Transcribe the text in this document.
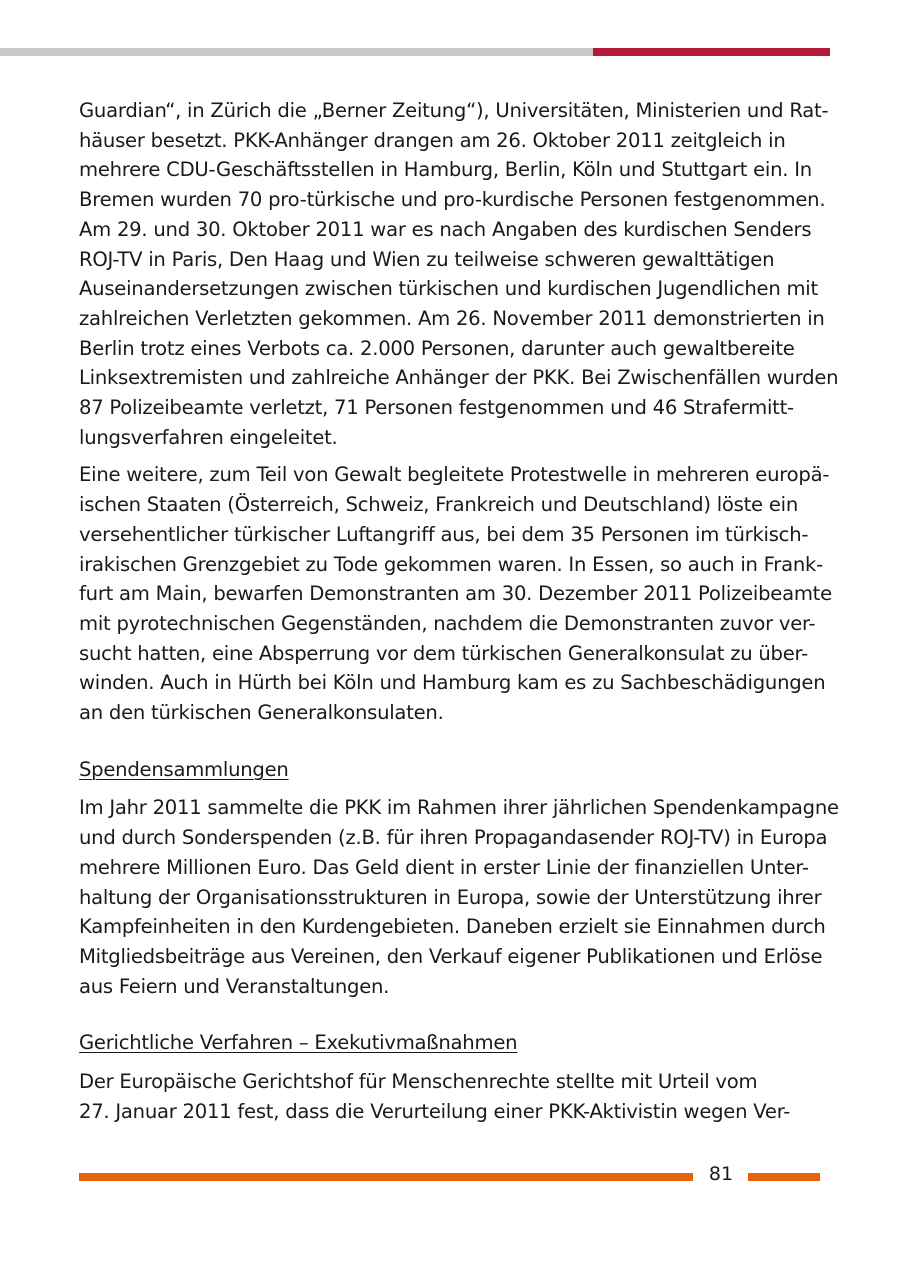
Guardian“, in Zürich die „Berner Zeitung“), Universitäten, Ministerien und Rat-
häuser besetzt. PKK-Anhänger drangen am 26. Oktober 2011 zeitgleich in
mehrere CDU-Geschäftsstellen in Hamburg, Berlin, Köln und Stuttgart ein. In
Bremen wurden 70 pro-türkische und pro-kurdische Personen festgenommen.
Am 29. und 30. Oktober 2011 war es nach Angaben des kurdischen Senders
ROJ-TV in Paris, Den Haag und Wien zu teilweise schweren gewalttätigen
Auseinandersetzungen zwischen türkischen und kurdischen Jugendlichen mit
zahlreichen Verletzten gekommen. Am 26. November 2011 demonstrierten in
Berlin trotz eines Verbots ca. 2.000 Personen, darunter auch gewaltbereite
Linksextremisten und zahlreiche Anhänger der PKK. Bei Zwischenfällen wurden
87 Polizeibeamte verletzt, 71 Personen festgenommen und 46 Strafermitt-
lungsverfahren eingeleitet.
Eine weitere, zum Teil von Gewalt begleitete Protestwelle in mehreren europä-
ischen Staaten (Österreich, Schweiz, Frankreich und Deutschland) löste ein
versehentlicher türkischer Luftangriff aus, bei dem 35 Personen im türkisch-
irakischen Grenzgebiet zu Tode gekommen waren. In Essen, so auch in Frank-
furt am Main, bewarfen Demonstranten am 30. Dezember 2011 Polizeibeamte
mit pyrotechnischen Gegenständen, nachdem die Demonstranten zuvor ver-
sucht hatten, eine Absperrung vor dem türkischen Generalkonsulat zu über-
winden. Auch in Hürth bei Köln und Hamburg kam es zu Sachbeschädigungen
an den türkischen Generalkonsulaten.
Spendensammlungen
Im Jahr 2011 sammelte die PKK im Rahmen ihrer jährlichen Spendenkampagne
und durch Sonderspenden (z.B. für ihren Propagandasender ROJ-TV) in Europa
mehrere Millionen Euro. Das Geld dient in erster Linie der finanziellen Unter-
haltung der Organisationsstrukturen in Europa, sowie der Unterstützung ihrer
Kampfeinheiten in den Kurdengebieten. Daneben erzielt sie Einnahmen durch
Mitgliedsbeiträge aus Vereinen, den Verkauf eigener Publikationen und Erlöse
aus Feiern und Veranstaltungen.
Gerichtliche Verfahren – Exekutivmaßnahmen
Der Europäische Gerichtshof für Menschenrechte stellte mit Urteil vom
27. Januar 2011 fest, dass die Verurteilung einer PKK-Aktivistin wegen Ver-
81
